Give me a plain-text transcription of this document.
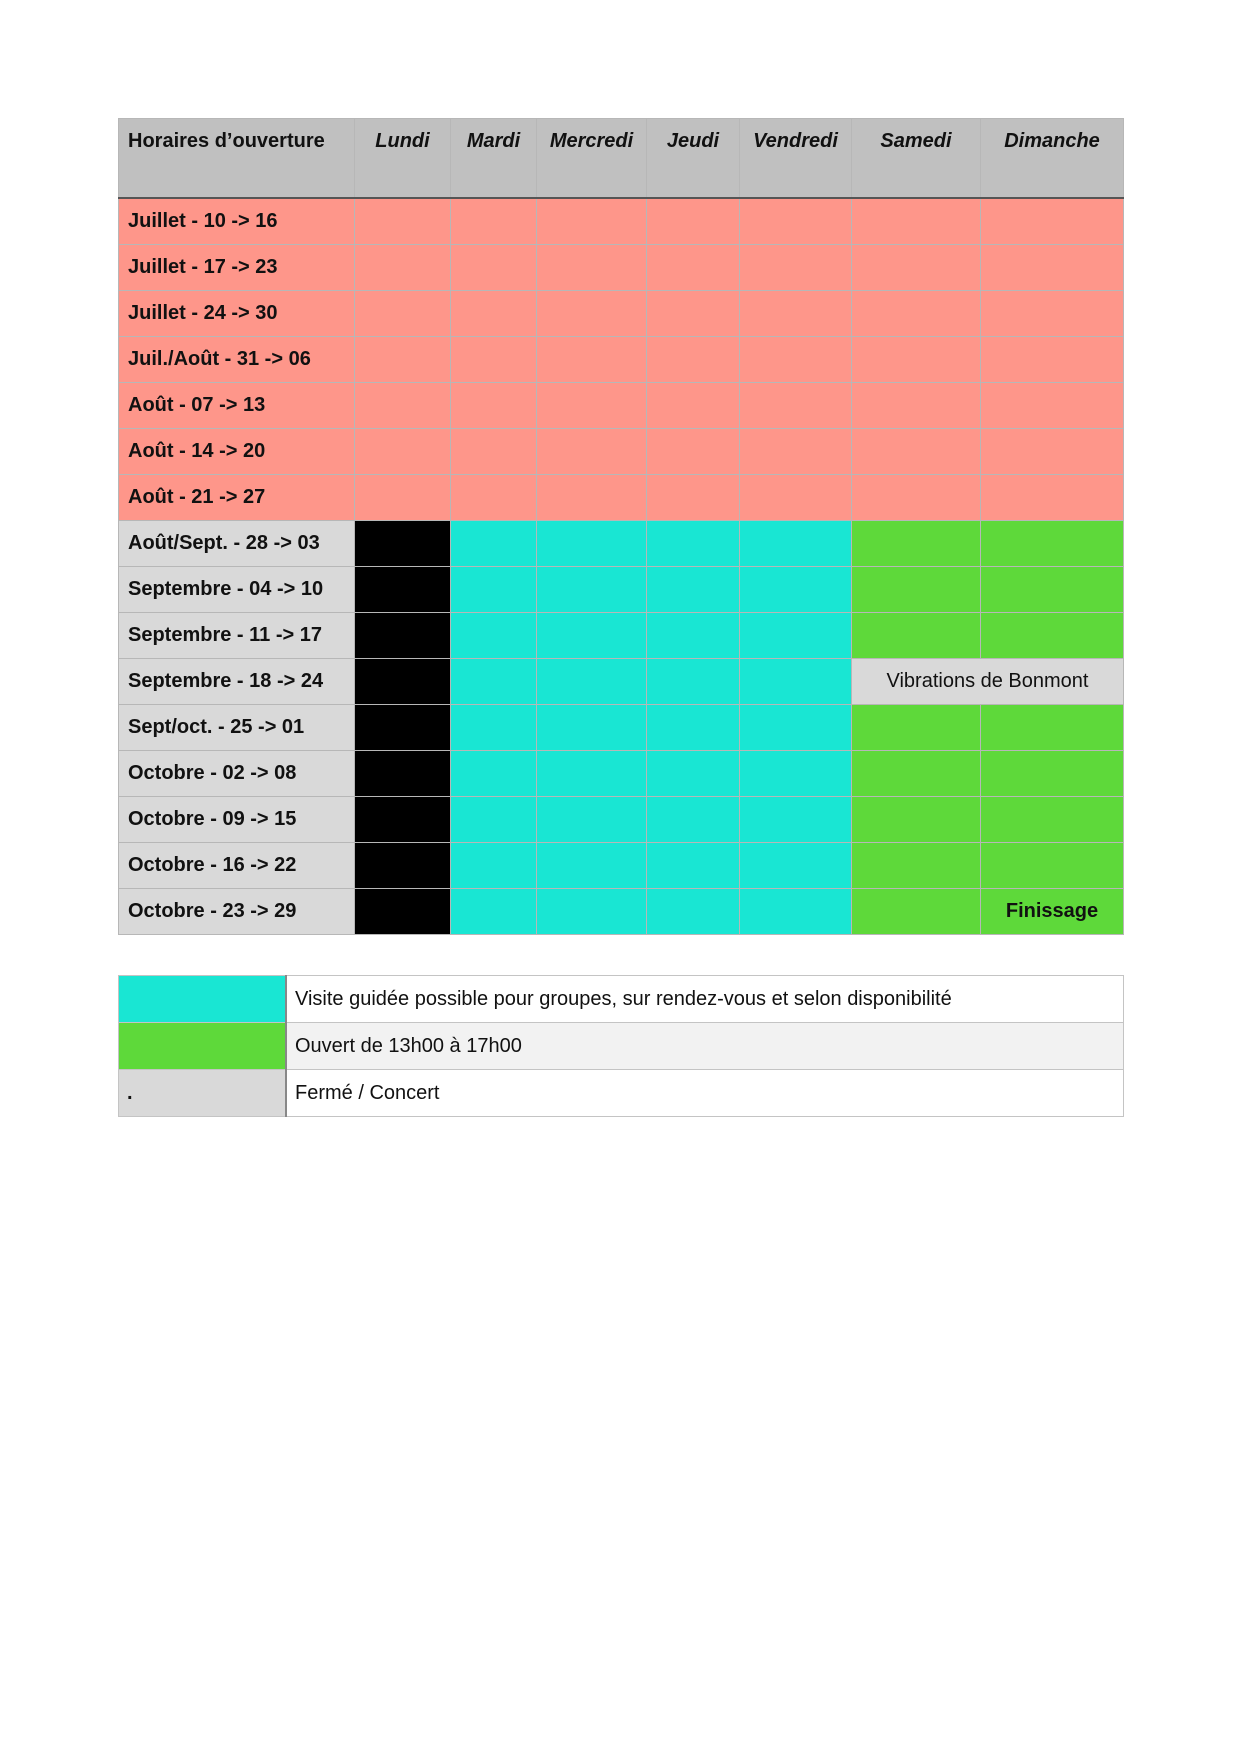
Horaires d’ouverture	Lundi	Mardi	Mercredi	Jeudi	Vendredi	Samedi	Dimanche
Juillet - 10 -> 16							
Juillet - 17 -> 23							
Juillet - 24 -> 30							
Juil./Août - 31 -> 06							
Août - 07 -> 13							
Août - 14 -> 20							
Août - 21 -> 27							
Août/Sept. - 28 -> 03							
Septembre - 04 -> 10							
Septembre - 11 -> 17							
Septembre - 18 -> 24						Vibrations de Bonmont	
Sept/oct. - 25 -> 01							
Octobre - 02 -> 08							
Octobre - 09 -> 15							
Octobre - 16 -> 22							
Octobre - 23 -> 29							Finissage
	Visite guidée possible pour groupes, sur rendez-vous et selon disponibilité
	Ouvert de 13h00 à 17h00
.	Fermé / Concert
